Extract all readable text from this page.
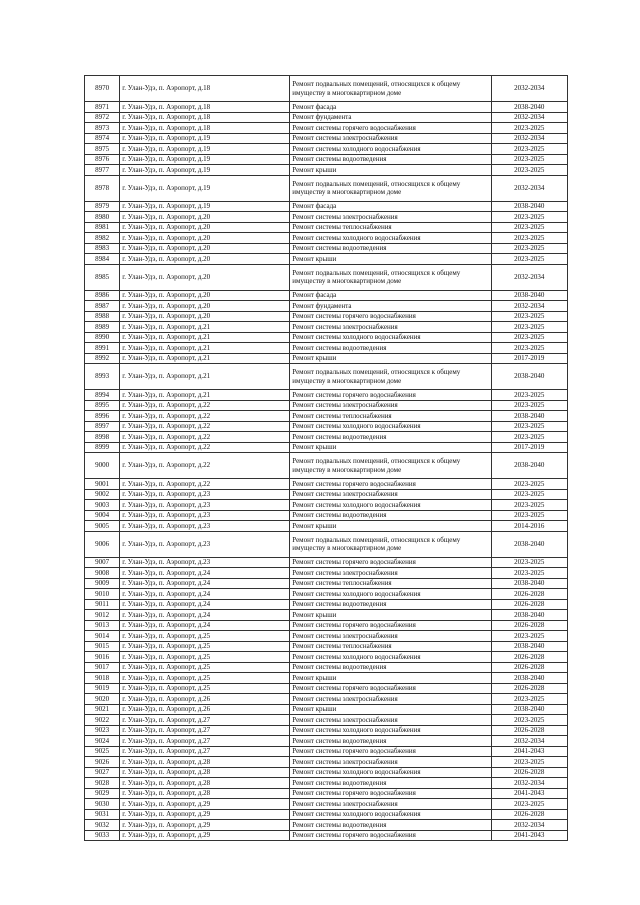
8970	г. Улан-Удэ, п. Аэропорт, д.18	Ремонт подвальных помещений, относящихся к общему имуществу в многоквартирном доме	2032-2034
8971	г. Улан-Удэ, п. Аэропорт, д.18	Ремонт фасада	2038-2040
8972	г. Улан-Удэ, п. Аэропорт, д.18	Ремонт фундамента	2032-2034
8973	г. Улан-Удэ, п. Аэропорт, д.18	Ремонт системы горячего водоснабжения	2023-2025
8974	г. Улан-Удэ, п. Аэропорт, д.19	Ремонт системы электроснабжения	2032-2034
8975	г. Улан-Удэ, п. Аэропорт, д.19	Ремонт системы холодного водоснабжения	2023-2025
8976	г. Улан-Удэ, п. Аэропорт, д.19	Ремонт системы водоотведения	2023-2025
8977	г. Улан-Удэ, п. Аэропорт, д.19	Ремонт крыши	2023-2025
8978	г. Улан-Удэ, п. Аэропорт, д.19	Ремонт подвальных помещений, относящихся к общему имуществу в многоквартирном доме	2032-2034
8979	г. Улан-Удэ, п. Аэропорт, д.19	Ремонт фасада	2038-2040
8980	г. Улан-Удэ, п. Аэропорт, д.20	Ремонт системы электроснабжения	2023-2025
8981	г. Улан-Удэ, п. Аэропорт, д.20	Ремонт системы теплоснабжения	2023-2025
8982	г. Улан-Удэ, п. Аэропорт, д.20	Ремонт системы холодного водоснабжения	2023-2025
8983	г. Улан-Удэ, п. Аэропорт, д.20	Ремонт системы водоотведения	2023-2025
8984	г. Улан-Удэ, п. Аэропорт, д.20	Ремонт крыши	2023-2025
8985	г. Улан-Удэ, п. Аэропорт, д.20	Ремонт подвальных помещений, относящихся к общему имуществу в многоквартирном доме	2032-2034
8986	г. Улан-Удэ, п. Аэропорт, д.20	Ремонт фасада	2038-2040
8987	г. Улан-Удэ, п. Аэропорт, д.20	Ремонт фундамента	2032-2034
8988	г. Улан-Удэ, п. Аэропорт, д.20	Ремонт системы горячего водоснабжения	2023-2025
8989	г. Улан-Удэ, п. Аэропорт, д.21	Ремонт системы электроснабжения	2023-2025
8990	г. Улан-Удэ, п. Аэропорт, д.21	Ремонт системы холодного водоснабжения	2023-2025
8991	г. Улан-Удэ, п. Аэропорт, д.21	Ремонт системы водоотведения	2023-2025
8992	г. Улан-Удэ, п. Аэропорт, д.21	Ремонт крыши	2017-2019
8993	г. Улан-Удэ, п. Аэропорт, д.21	Ремонт подвальных помещений, относящихся к общему имуществу в многоквартирном доме	2038-2040
8994	г. Улан-Удэ, п. Аэропорт, д.21	Ремонт системы горячего водоснабжения	2023-2025
8995	г. Улан-Удэ, п. Аэропорт, д.22	Ремонт системы электроснабжения	2023-2025
8996	г. Улан-Удэ, п. Аэропорт, д.22	Ремонт системы теплоснабжения	2038-2040
8997	г. Улан-Удэ, п. Аэропорт, д.22	Ремонт системы холодного водоснабжения	2023-2025
8998	г. Улан-Удэ, п. Аэропорт, д.22	Ремонт системы водоотведения	2023-2025
8999	г. Улан-Удэ, п. Аэропорт, д.22	Ремонт крыши	2017-2019
9000	г. Улан-Удэ, п. Аэропорт, д.22	Ремонт подвальных помещений, относящихся к общему имуществу в многоквартирном доме	2038-2040
9001	г. Улан-Удэ, п. Аэропорт, д.22	Ремонт системы горячего водоснабжения	2023-2025
9002	г. Улан-Удэ, п. Аэропорт, д.23	Ремонт системы электроснабжения	2023-2025
9003	г. Улан-Удэ, п. Аэропорт, д.23	Ремонт системы холодного водоснабжения	2023-2025
9004	г. Улан-Удэ, п. Аэропорт, д.23	Ремонт системы водоотведения	2023-2025
9005	г. Улан-Удэ, п. Аэропорт, д.23	Ремонт крыши	2014-2016
9006	г. Улан-Удэ, п. Аэропорт, д.23	Ремонт подвальных помещений, относящихся к общему имуществу в многоквартирном доме	2038-2040
9007	г. Улан-Удэ, п. Аэропорт, д.23	Ремонт системы горячего водоснабжения	2023-2025
9008	г. Улан-Удэ, п. Аэропорт, д.24	Ремонт системы электроснабжения	2023-2025
9009	г. Улан-Удэ, п. Аэропорт, д.24	Ремонт системы теплоснабжения	2038-2040
9010	г. Улан-Удэ, п. Аэропорт, д.24	Ремонт системы холодного водоснабжения	2026-2028
9011	г. Улан-Удэ, п. Аэропорт, д.24	Ремонт системы водоотведения	2026-2028
9012	г. Улан-Удэ, п. Аэропорт, д.24	Ремонт крыши	2038-2040
9013	г. Улан-Удэ, п. Аэропорт, д.24	Ремонт системы горячего водоснабжения	2026-2028
9014	г. Улан-Удэ, п. Аэропорт, д.25	Ремонт системы электроснабжения	2023-2025
9015	г. Улан-Удэ, п. Аэропорт, д.25	Ремонт системы теплоснабжения	2038-2040
9016	г. Улан-Удэ, п. Аэропорт, д.25	Ремонт системы холодного водоснабжения	2026-2028
9017	г. Улан-Удэ, п. Аэропорт, д.25	Ремонт системы водоотведения	2026-2028
9018	г. Улан-Удэ, п. Аэропорт, д.25	Ремонт крыши	2038-2040
9019	г. Улан-Удэ, п. Аэропорт, д.25	Ремонт системы горячего водоснабжения	2026-2028
9020	г. Улан-Удэ, п. Аэропорт, д.26	Ремонт системы электроснабжения	2023-2025
9021	г. Улан-Удэ, п. Аэропорт, д.26	Ремонт крыши	2038-2040
9022	г. Улан-Удэ, п. Аэропорт, д.27	Ремонт системы электроснабжения	2023-2025
9023	г. Улан-Удэ, п. Аэропорт, д.27	Ремонт системы холодного водоснабжения	2026-2028
9024	г. Улан-Удэ, п. Аэропорт, д.27	Ремонт системы водоотведения	2032-2034
9025	г. Улан-Удэ, п. Аэропорт, д.27	Ремонт системы горячего водоснабжения	2041-2043
9026	г. Улан-Удэ, п. Аэропорт, д.28	Ремонт системы электроснабжения	2023-2025
9027	г. Улан-Удэ, п. Аэропорт, д.28	Ремонт системы холодного водоснабжения	2026-2028
9028	г. Улан-Удэ, п. Аэропорт, д.28	Ремонт системы водоотведения	2032-2034
9029	г. Улан-Удэ, п. Аэропорт, д.28	Ремонт системы горячего водоснабжения	2041-2043
9030	г. Улан-Удэ, п. Аэропорт, д.29	Ремонт системы электроснабжения	2023-2025
9031	г. Улан-Удэ, п. Аэропорт, д.29	Ремонт системы холодного водоснабжения	2026-2028
9032	г. Улан-Удэ, п. Аэропорт, д.29	Ремонт системы водоотведения	2032-2034
9033	г. Улан-Удэ, п. Аэропорт, д.29	Ремонт системы горячего водоснабжения	2041-2043
